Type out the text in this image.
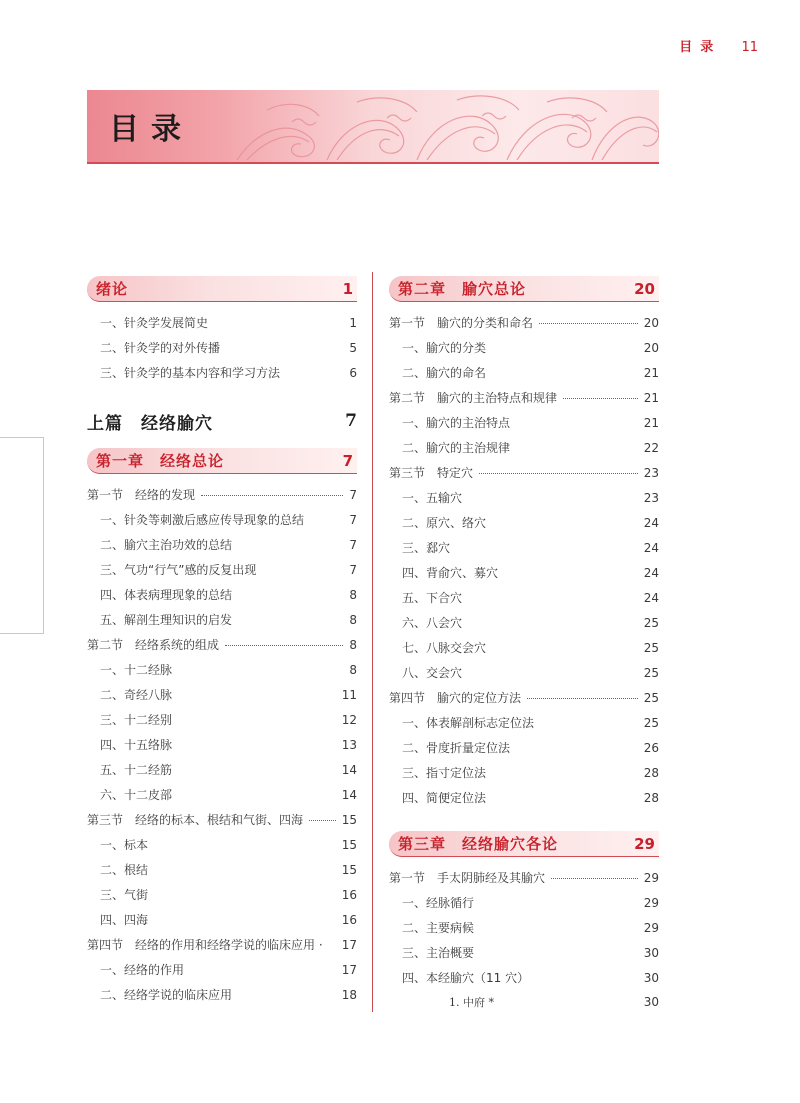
目录 11
目录
绪论	1
一、针灸学发展简史	1
二、针灸学的对外传播	5
三、针灸学的基本内容和学习方法	6
上篇　经络腧穴	7
第一章　经络总论	7
第一节 经络的发现	7
一、针灸等刺激后感应传导现象的总结	7
二、腧穴主治功效的总结	7
三、气功“行气”感的反复出现	7
四、体表病理现象的总结	8
五、解剖生理知识的启发	8
第二节 经络系统的组成	8
一、十二经脉	8
二、奇经八脉	11
三、十二经别	12
四、十五络脉	13
五、十二经筋	14
六、十二皮部	14
第三节 经络的标本、根结和气街、四海	15
一、标本	15
二、根结	15
三、气街	16
四、四海	16
第四节 经络的作用和经络学说的临床应用 · 17
一、经络的作用	17
二、经络学说的临床应用	18
第二章　腧穴总论	20
第一节 腧穴的分类和命名	20
一、腧穴的分类	20
二、腧穴的命名	21
第二节 腧穴的主治特点和规律	21
一、腧穴的主治特点	21
二、腧穴的主治规律	22
第三节 特定穴	23
一、五输穴	23
二、原穴、络穴	24
三、郄穴	24
四、背俞穴、募穴	24
五、下合穴	24
六、八会穴	25
七、八脉交会穴	25
八、交会穴	25
第四节 腧穴的定位方法	25
一、体表解剖标志定位法	25
二、骨度折量定位法	26
三、指寸定位法	28
四、简便定位法	28
第三章　经络腧穴各论	29
第一节 手太阴肺经及其腧穴	29
一、经脉循行	29
二、主要病候	29
三、主治概要	30
四、本经腧穴（11 穴）	30
1. 中府 *	30
